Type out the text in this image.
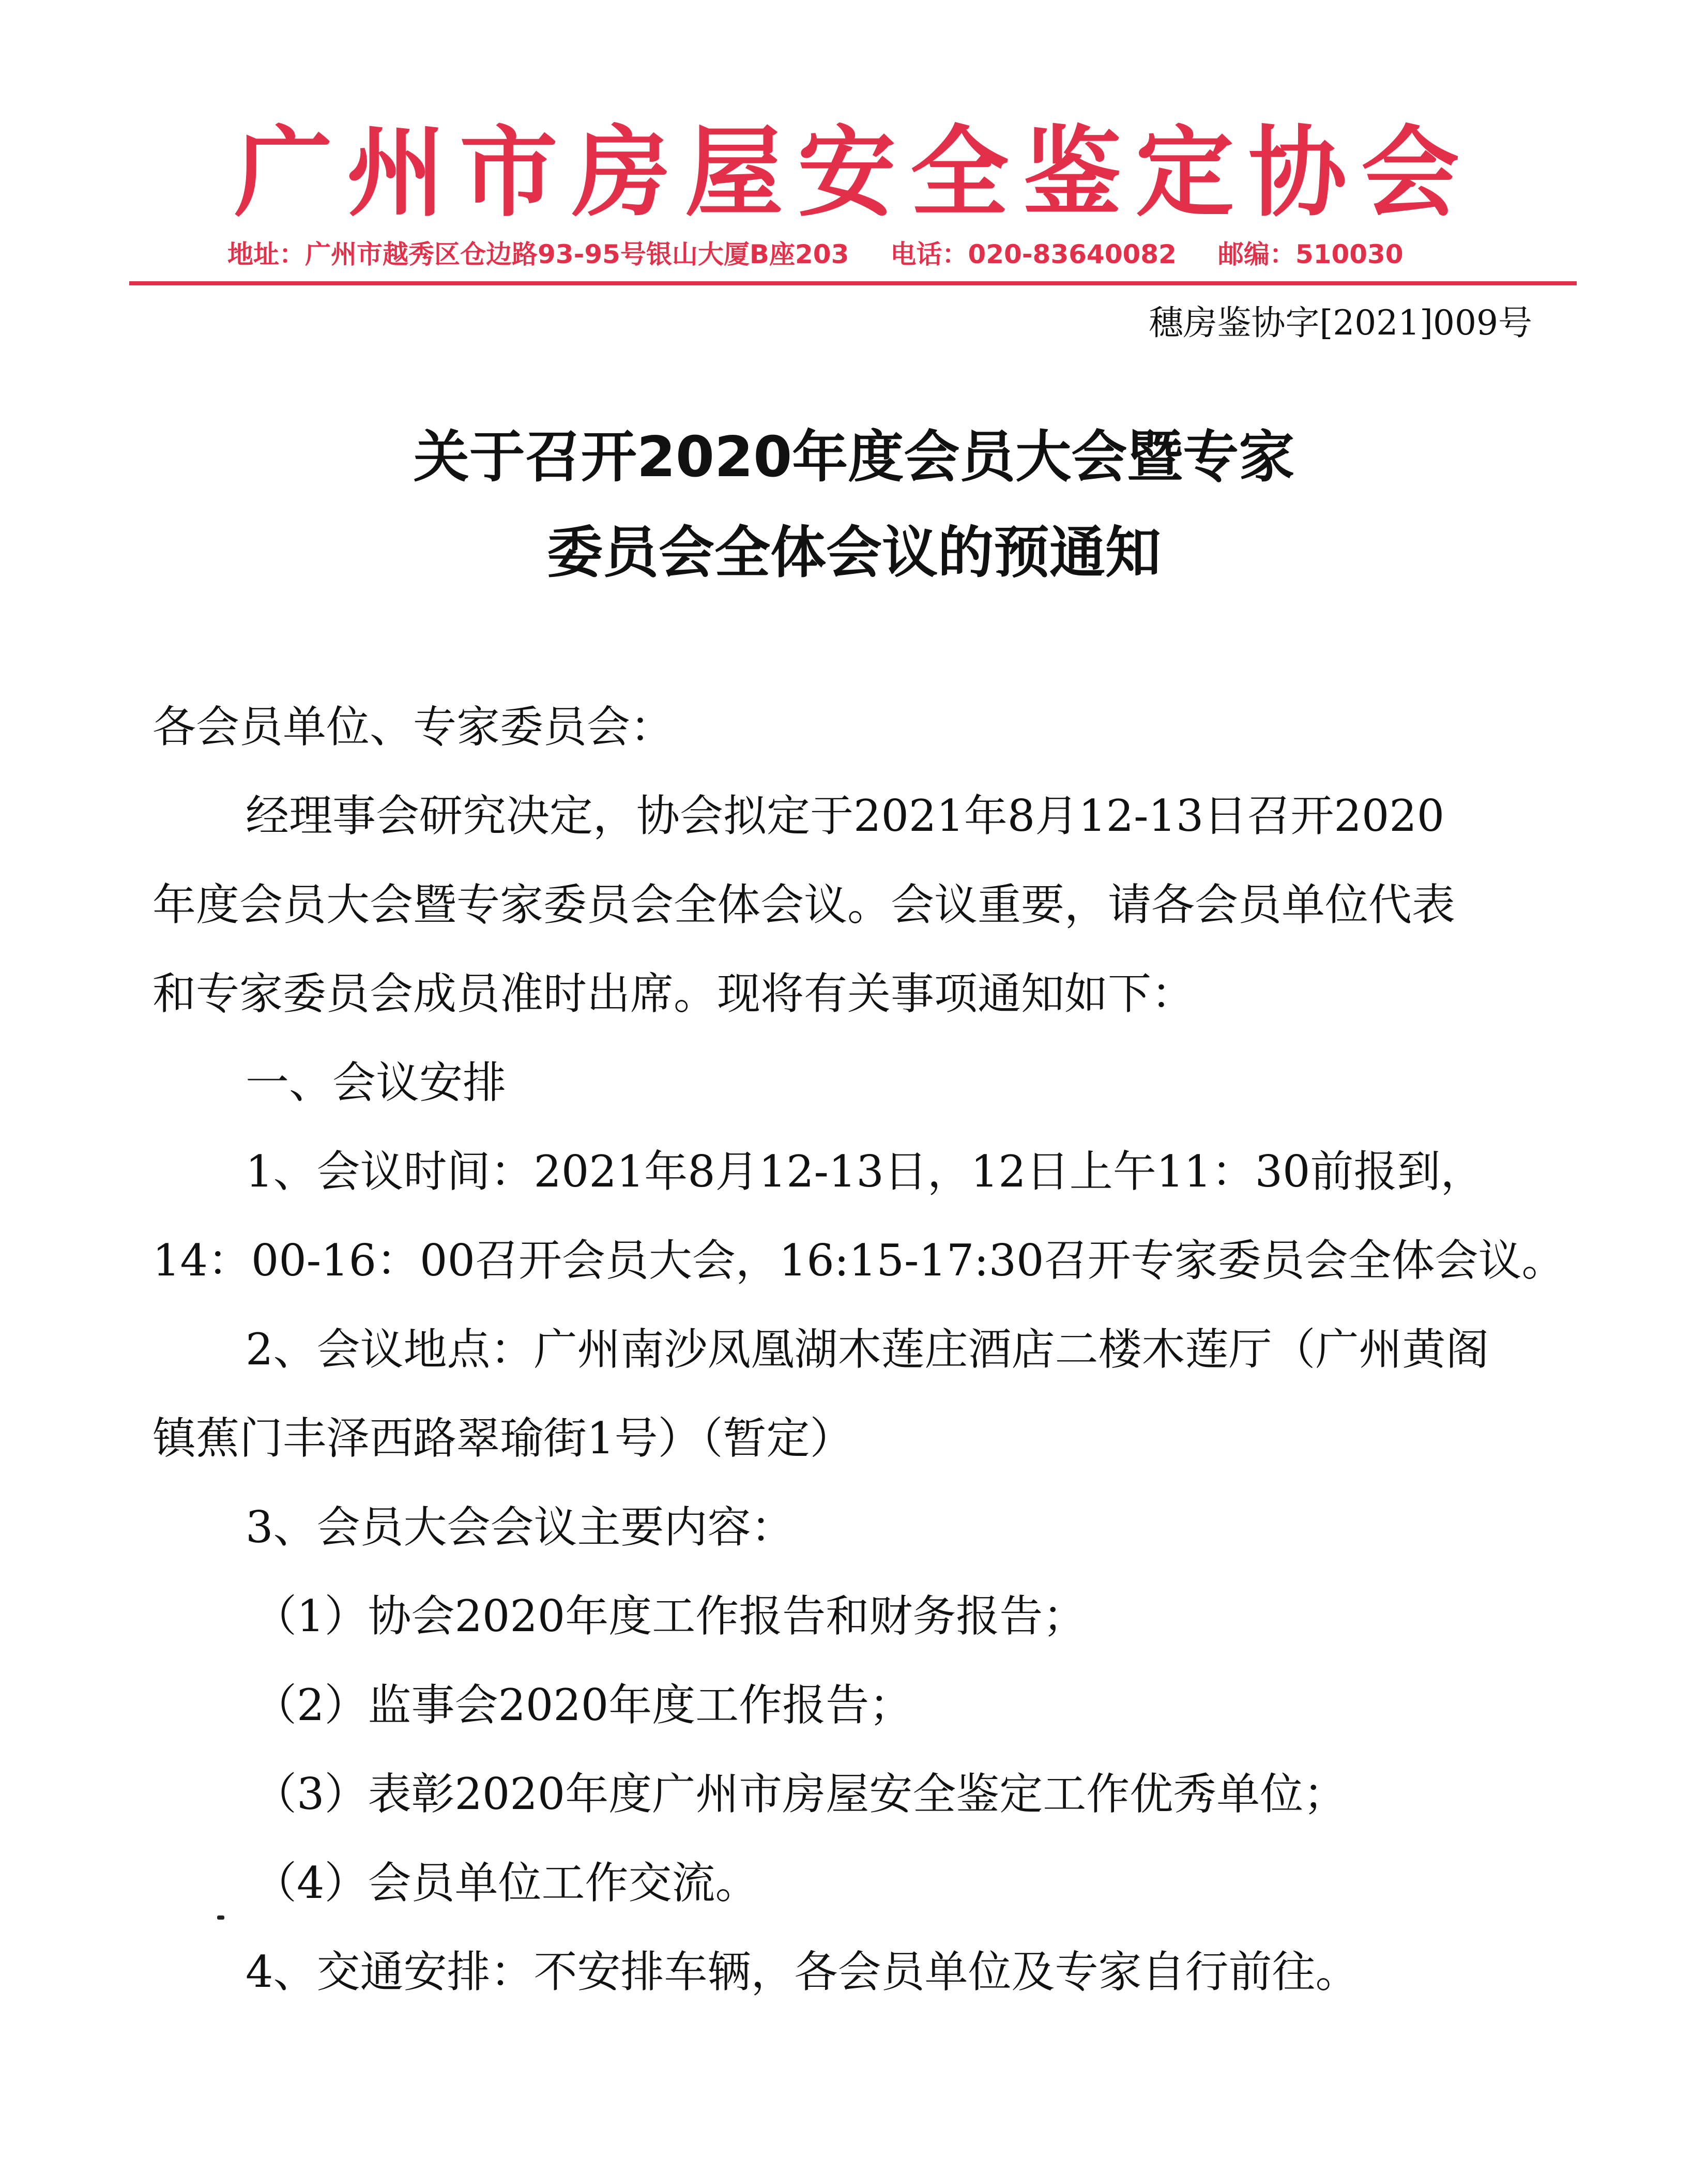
广州市房屋安全鉴定协会
地址：广州市越秀区仓边路93-95号银山大厦B座203 电话：020-83640082 邮编：510030
穗房鉴协字[2021]009号
关于召开2020年度会员大会暨专家
委员会全体会议的预通知
各会员单位、专家委员会：
经理事会研究决定，协会拟定于2021年8月12-13日召开2020
年度会员大会暨专家委员会全体会议。会议重要，请各会员单位代表
和专家委员会成员准时出席。现将有关事项通知如下：
一、会议安排
1、会议时间：2021年8月12-13日，12日上午11：30前报到，
14：00-16：00召开会员大会，16:15-17:30召开专家委员会全体会议。
2、会议地点：广州南沙凤凰湖木莲庄酒店二楼木莲厅（广州黄阁
镇蕉门丰泽西路翠瑜街1号）（暂定）
3、会员大会会议主要内容：
（1）协会2020年度工作报告和财务报告；
（2）监事会2020年度工作报告；
（3）表彰2020年度广州市房屋安全鉴定工作优秀单位；
（4）会员单位工作交流。
4、交通安排：不安排车辆，各会员单位及专家自行前往。
